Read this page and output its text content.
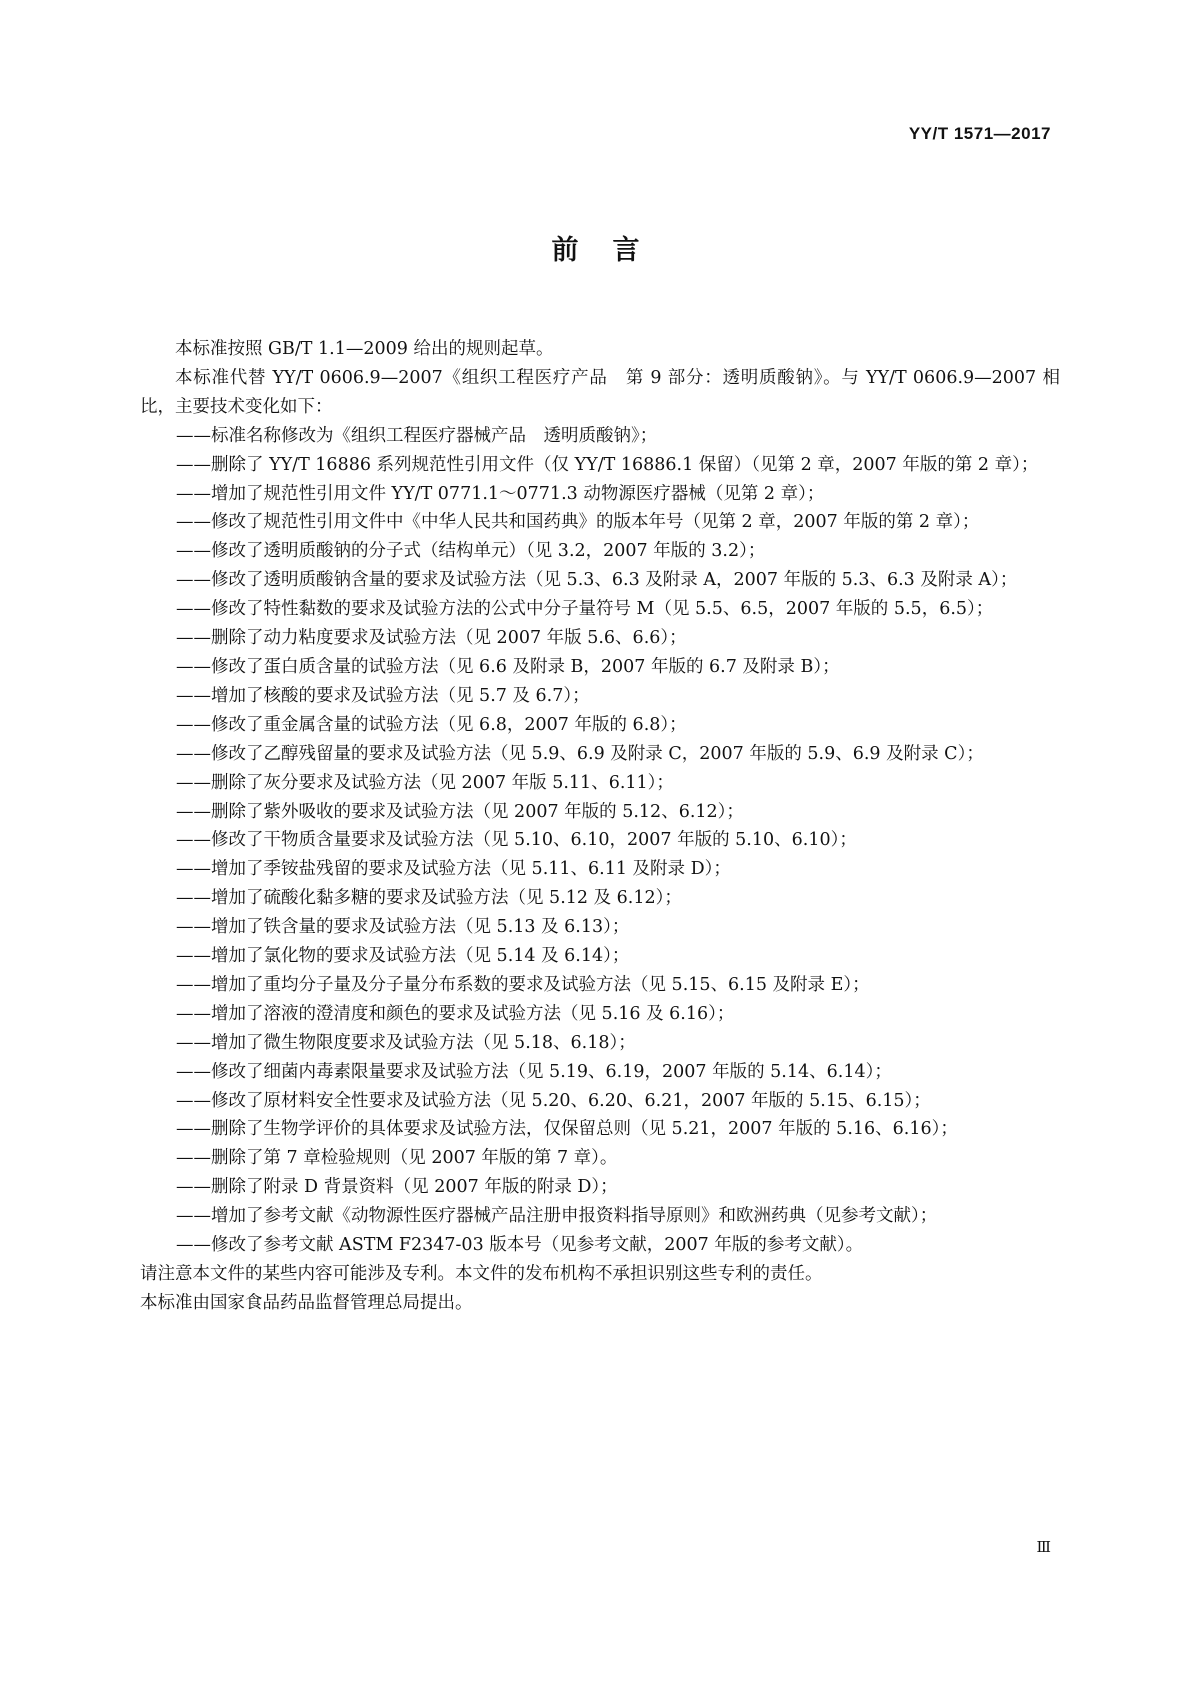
YY/T 1571—2017
前言

本标准按照 GB/T 1.1—2009 给出的规则起草。

本标准代替 YY/T 0606.9—2007《组织工程医疗产品　第 9 部分：透明质酸钠》。与 YY/T 0606.9—2007 相比，主要技术变化如下：

——标准名称修改为《组织工程医疗器械产品　透明质酸钠》；

——删除了 YY/T 16886 系列规范性引用文件（仅 YY/T 16886.1 保留）（见第 2 章，2007 年版的第 2 章）；

——增加了规范性引用文件 YY/T 0771.1～0771.3 动物源医疗器械（见第 2 章）；

——修改了规范性引用文件中《中华人民共和国药典》的版本年号（见第 2 章，2007 年版的第 2 章）；

——修改了透明质酸钠的分子式（结构单元）（见 3.2，2007 年版的 3.2）；

——修改了透明质酸钠含量的要求及试验方法（见 5.3、6.3 及附录 A，2007 年版的 5.3、6.3 及附录 A）；

——修改了特性黏数的要求及试验方法的公式中分子量符号 M（见 5.5、6.5，2007 年版的 5.5，6.5）；

——删除了动力粘度要求及试验方法（见 2007 年版 5.6、6.6）；

——修改了蛋白质含量的试验方法（见 6.6 及附录 B，2007 年版的 6.7 及附录 B）；

——增加了核酸的要求及试验方法（见 5.7 及 6.7）；

——修改了重金属含量的试验方法（见 6.8，2007 年版的 6.8）；

——修改了乙醇残留量的要求及试验方法（见 5.9、6.9 及附录 C，2007 年版的 5.9、6.9 及附录 C）；

——删除了灰分要求及试验方法（见 2007 年版 5.11、6.11）；

——删除了紫外吸收的要求及试验方法（见 2007 年版的 5.12、6.12）；

——修改了干物质含量要求及试验方法（见 5.10、6.10，2007 年版的 5.10、6.10）；

——增加了季铵盐残留的要求及试验方法（见 5.11、6.11 及附录 D）；

——增加了硫酸化黏多糖的要求及试验方法（见 5.12 及 6.12）；

——增加了铁含量的要求及试验方法（见 5.13 及 6.13）；

——增加了氯化物的要求及试验方法（见 5.14 及 6.14）；

——增加了重均分子量及分子量分布系数的要求及试验方法（见 5.15、6.15 及附录 E）；

——增加了溶液的澄清度和颜色的要求及试验方法（见 5.16 及 6.16）；

——增加了微生物限度要求及试验方法（见 5.18、6.18）；

——修改了细菌内毒素限量要求及试验方法（见 5.19、6.19，2007 年版的 5.14、6.14）；

——修改了原材料安全性要求及试验方法（见 5.20、6.20、6.21，2007 年版的 5.15、6.15）；

——删除了生物学评价的具体要求及试验方法，仅保留总则（见 5.21，2007 年版的 5.16、6.16）；

——删除了第 7 章检验规则（见 2007 年版的第 7 章）。

——删除了附录 D 背景资料（见 2007 年版的附录 D）；

——增加了参考文献《动物源性医疗器械产品注册申报资料指导原则》和欧洲药典（见参考文献）；

——修改了参考文献 ASTM F2347-03 版本号（见参考文献，2007 年版的参考文献）。

请注意本文件的某些内容可能涉及专利。本文件的发布机构不承担识别这些专利的责任。

本标准由国家食品药品监督管理总局提出。

Ⅲ
